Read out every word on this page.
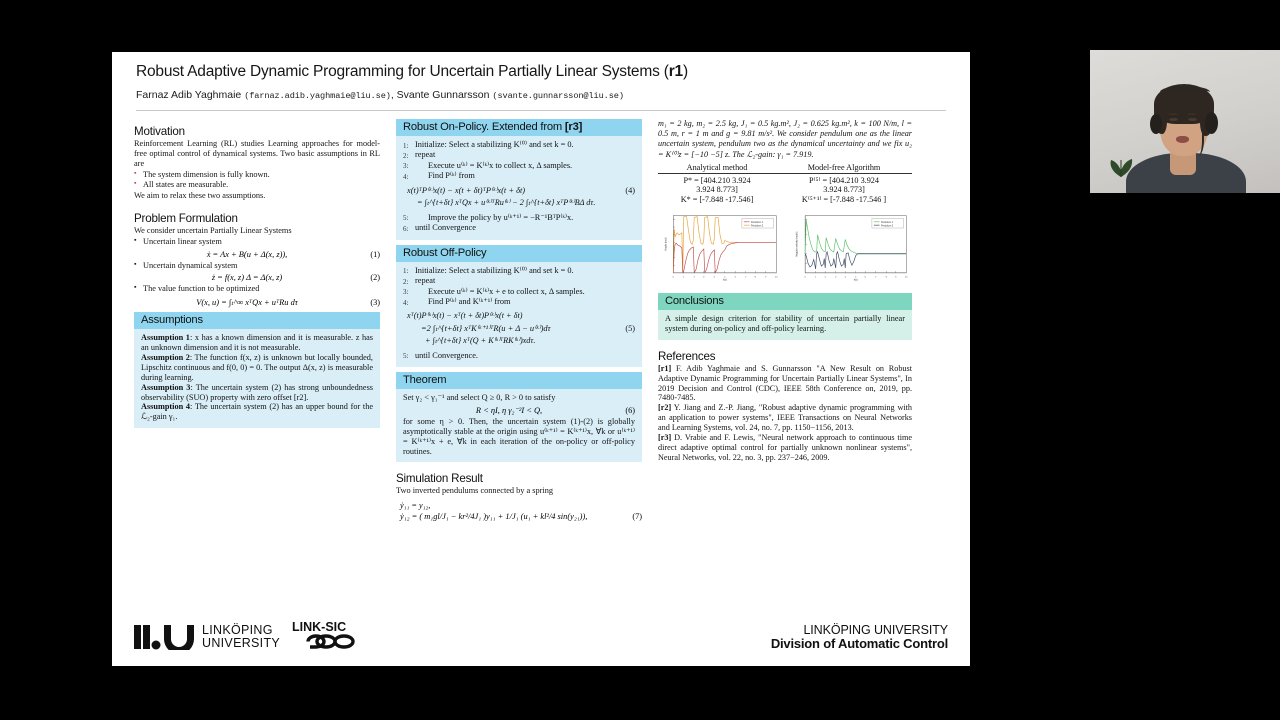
Robust Adaptive Dynamic Programming for Uncertain Partially Linear Systems (r1)
Farnaz Adib Yaghmaie (farnaz.adib.yaghmaie@liu.se), Svante Gunnarsson (svante.gunnarsson@liu.se)
Motivation

Reinforcement Learning (RL) studies Learning approaches for model-free optimal control of dynamical systems. Two basic assumptions in RL are

▪ The system dimension is fully known.
▪ All states are measurable.

We aim to relax these two assumptions.

Problem Formulation

We consider uncertain Partially Linear Systems

▪ Uncertain linear system
ẋ = Ax + B(u + Δ(x, z)),	(1)
▪ Uncertain dynamical system
ż = f(x, z) Δ = Δ(x, z)	(2)
▪ The value function to be optimized
V(x, u) = ∫ₜ^∞ xᵀQx + uᵀRu dτ	(3)
Assumptions
Assumption 1: x has a known dimension and it is measurable. z has an unknown dimension and it is not measurable.
Assumption 2: The function f(x, z) is unknown but locally bounded, Lipschitz continuous and f(0, 0) = 0. The output Δ(x, z) is measurable during learning.
Assumption 3: The uncertain system (2) has strong unboundedness observability (SUO) property with zero offset [r2].
Assumption 4: The uncertain system (2) has an upper bound for the ℒ₂-gain γ₁.
Robust On-Policy. Extended from [r3]
1: Initialize: Select a stabilizing K⁽⁰⁾ and set k = 0.
2: repeat
3:	Execute u⁽ᵏ⁾ = K⁽ᵏ⁾x to collect x, Δ samples.
4:	Find P⁽ᵏ⁾ from
x(t)ᵀP⁽ᵏ⁾x(t) − x(t + δt)ᵀP⁽ᵏ⁾x(t + δt)	(4)
= ∫ₜ^{t+δt} xᵀQx + u⁽ᵏ⁾ᵀRu⁽ᵏ⁾ − 2 ∫ₜ^{t+δt} xᵀP⁽ᵏ⁾BΔ dτ.
5:	Improve the policy by u⁽ᵏ⁺¹⁾ = −R⁻¹BᵀP⁽ᵏ⁾x.
6: until Convergence
Robust Off-Policy
1: Initialize: Select a stabilizing K⁽⁰⁾ and set k = 0.
2: repeat
3:	Execute u⁽ᵏ⁾ = K⁽ᵏ⁾x + e to collect x, Δ samples.
4:	Find P⁽ᵏ⁾ and K⁽ᵏ⁺¹⁾ from
xᵀ(t)P⁽ᵏ⁾x(t) − xᵀ(t + δt)P⁽ᵏ⁾x(t + δt)
=2 ∫ₜ^{t+δt} xᵀK⁽ᵏ⁺¹⁾ᵀR(u + Δ − u⁽ᵏ⁾)dτ	(5)
+ ∫ₜ^{t+δt} xᵀ(Q + K⁽ᵏ⁾ᵀRK⁽ᵏ⁾)xdτ.
5: until Convergence.
Theorem

Set γ₂ < γ₁⁻¹ and select Q ≥ 0, R > 0 to satisfy

R < ηI, η γ₂⁻²I < Q,	(6)

for some η > 0. Then, the uncertain system (1)-(2) is globally asymptotically stable at the origin using u⁽ᵏ⁺¹⁾ = K⁽ᵏ⁺¹⁾x, ∀k or u⁽ᵏ⁺¹⁾ = K⁽ᵏ⁺¹⁾x + e, ∀k in each iteration of the on-policy or off-policy routines.

Simulation Result

Two inverted pendulums connected by a spring

ẏ₁₁ = y₁₂,
ẏ₁₂ = ( m₁gl/J₁ − kr²/4J₁ )y₁₁ + 1/J₁ (u₁ + kl²/4 sin(y₂₁)),	(7)

m₁ = 2 kg, m₂ = 2.5 kg, J₁ = 0.5 kg.m², J₂ = 0.625 kg.m², k = 100 N/m, l = 0.5 m, r = 1 m and g = 9.81 m/s². We consider pendulum one as the linear uncertain system, pendulum two as the dynamical uncertainty and we fix u₂ = K⁽⁰⁾z = [−10 −5] z. The ℒ₂-gain: γ₁ = 7.919.

Analytical method	Model-free Algorithm

P* = [404.210 3.924	P⁽⁵⁾ = [404.210 3.924
3.924 8.773]	3.924 8.773]
K* = [-7.848 -17.546]	K⁽⁵⁺¹⁾ = [-7.848 -17.546 ]
Pendulum 1
Pendulum 2
t(s)
Angle (rad)
0	1	2	3	4	5	6	7	8	9	10
Pendulum 1
Pendulum 2
t(s)
Angular velocity (rad/s)
0	1	2	3	4	5	6	7	8	9	10
Conclusions

A simple design criterion for stability of uncertain partially linear system during on-policy and off-policy learning.

References

[r1] F. Adib Yaghmaie and S. Gunnarsson "A New Result on Robust Adaptive Dynamic Programming for Uncertain Partially Linear Systems", In 2019 Decision and Control (CDC), IEEE 58th Conference on, 2019, pp. 7480-7485.

[r2] Y. Jiang and Z.-P. Jiang, "Robust adaptive dynamic programming with an application to power systems", IEEE Transactions on Neural Networks and Learning Systems, vol. 24, no. 7, pp. 1150−1156, 2013.

[r3] D. Vrabie and F. Lewis, "Neural network approach to continuous time direct adaptive optimal control for partially unknown nonlinear systems", Neural Networks, vol. 22, no. 3, pp. 237−246, 2009.

LINKÖPING
UNIVERSITY
LINK-SIC	LINKÖPING UNIVERSITY
Division of Automatic Control
